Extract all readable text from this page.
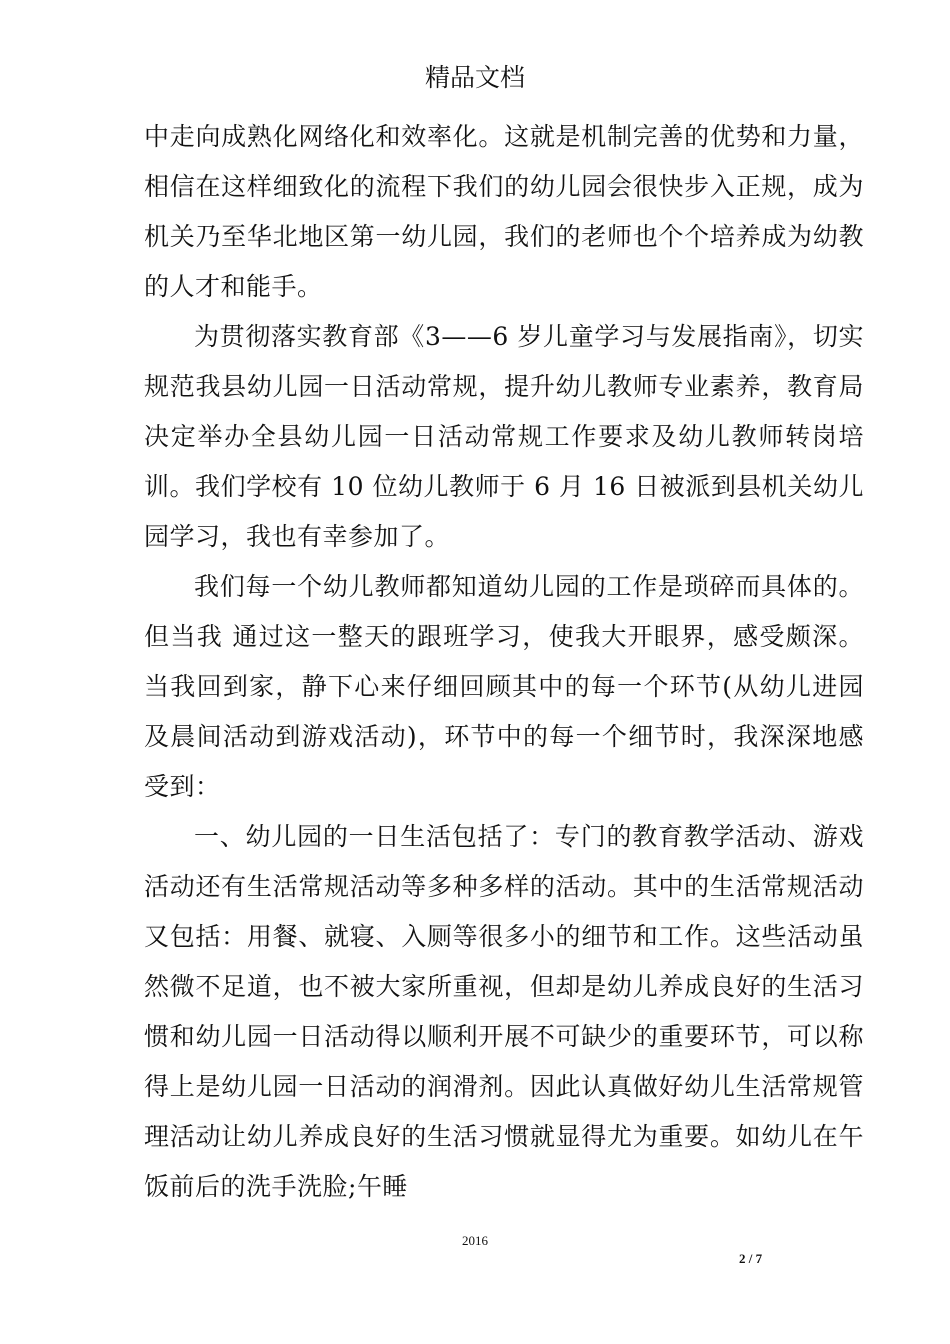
精品文档

中走向成熟化网络化和效率化。这就是机制完善的优势和力量，相信在这样细致化的流程下我们的幼儿园会很快步入正规，成为机关乃至华北地区第一幼儿园，我们的老师也个个培养成为幼教的人才和能手。

为贯彻落实教育部《3——6 岁儿童学习与发展指南》，切实规范我县幼儿园一日活动常规，提升幼儿教师专业素养，教育局决定举办全县幼儿园一日活动常规工作要求及幼儿教师转岗培训。我们学校有 10 位幼儿教师于 6 月 16 日被派到县机关幼儿园学习，我也有幸参加了。

我们每一个幼儿教师都知道幼儿园的工作是琐碎而具体的。但当我 通过这一整天的跟班学习，使我大开眼界，感受颇深。当我回到家，静下心来仔细回顾其中的每一个环节(从幼儿进园及晨间活动到游戏活动)，环节中的每一个细节时，我深深地感受到：

一、幼儿园的一日生活包括了：专门的教育教学活动、游戏活动还有生活常规活动等多种多样的活动。其中的生活常规活动又包括：用餐、就寝、入厕等很多小的细节和工作。这些活动虽然微不足道，也不被大家所重视，但却是幼儿养成良好的生活习惯和幼儿园一日活动得以顺利开展不可缺少的重要环节，可以称得上是幼儿园一日活动的润滑剂。因此认真做好幼儿生活常规管理活动让幼儿养成良好的生活习惯就显得尤为重要。如幼儿在午饭前后的洗手洗脸;午睡

2016
2 / 7
